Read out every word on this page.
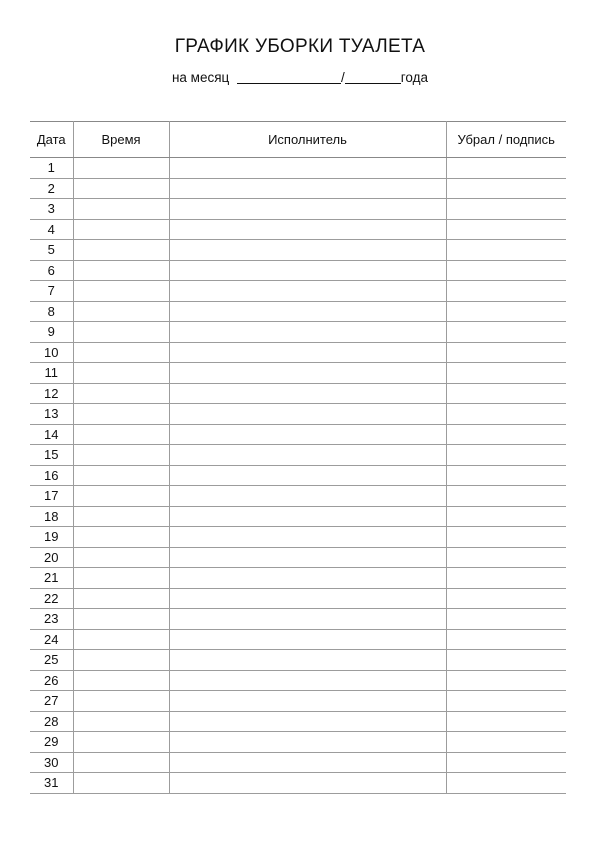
ГРАФИК УБОРКИ ТУАЛЕТА
на месяц	/	года
Дата	Время	Исполнитель	Убрал / подпись
1			
2			
3			
4			
5			
6			
7			
8			
9			
10			
11			
12			
13			
14			
15			
16			
17			
18			
19			
20			
21			
22			
23			
24			
25			
26			
27			
28			
29			
30			
31			
